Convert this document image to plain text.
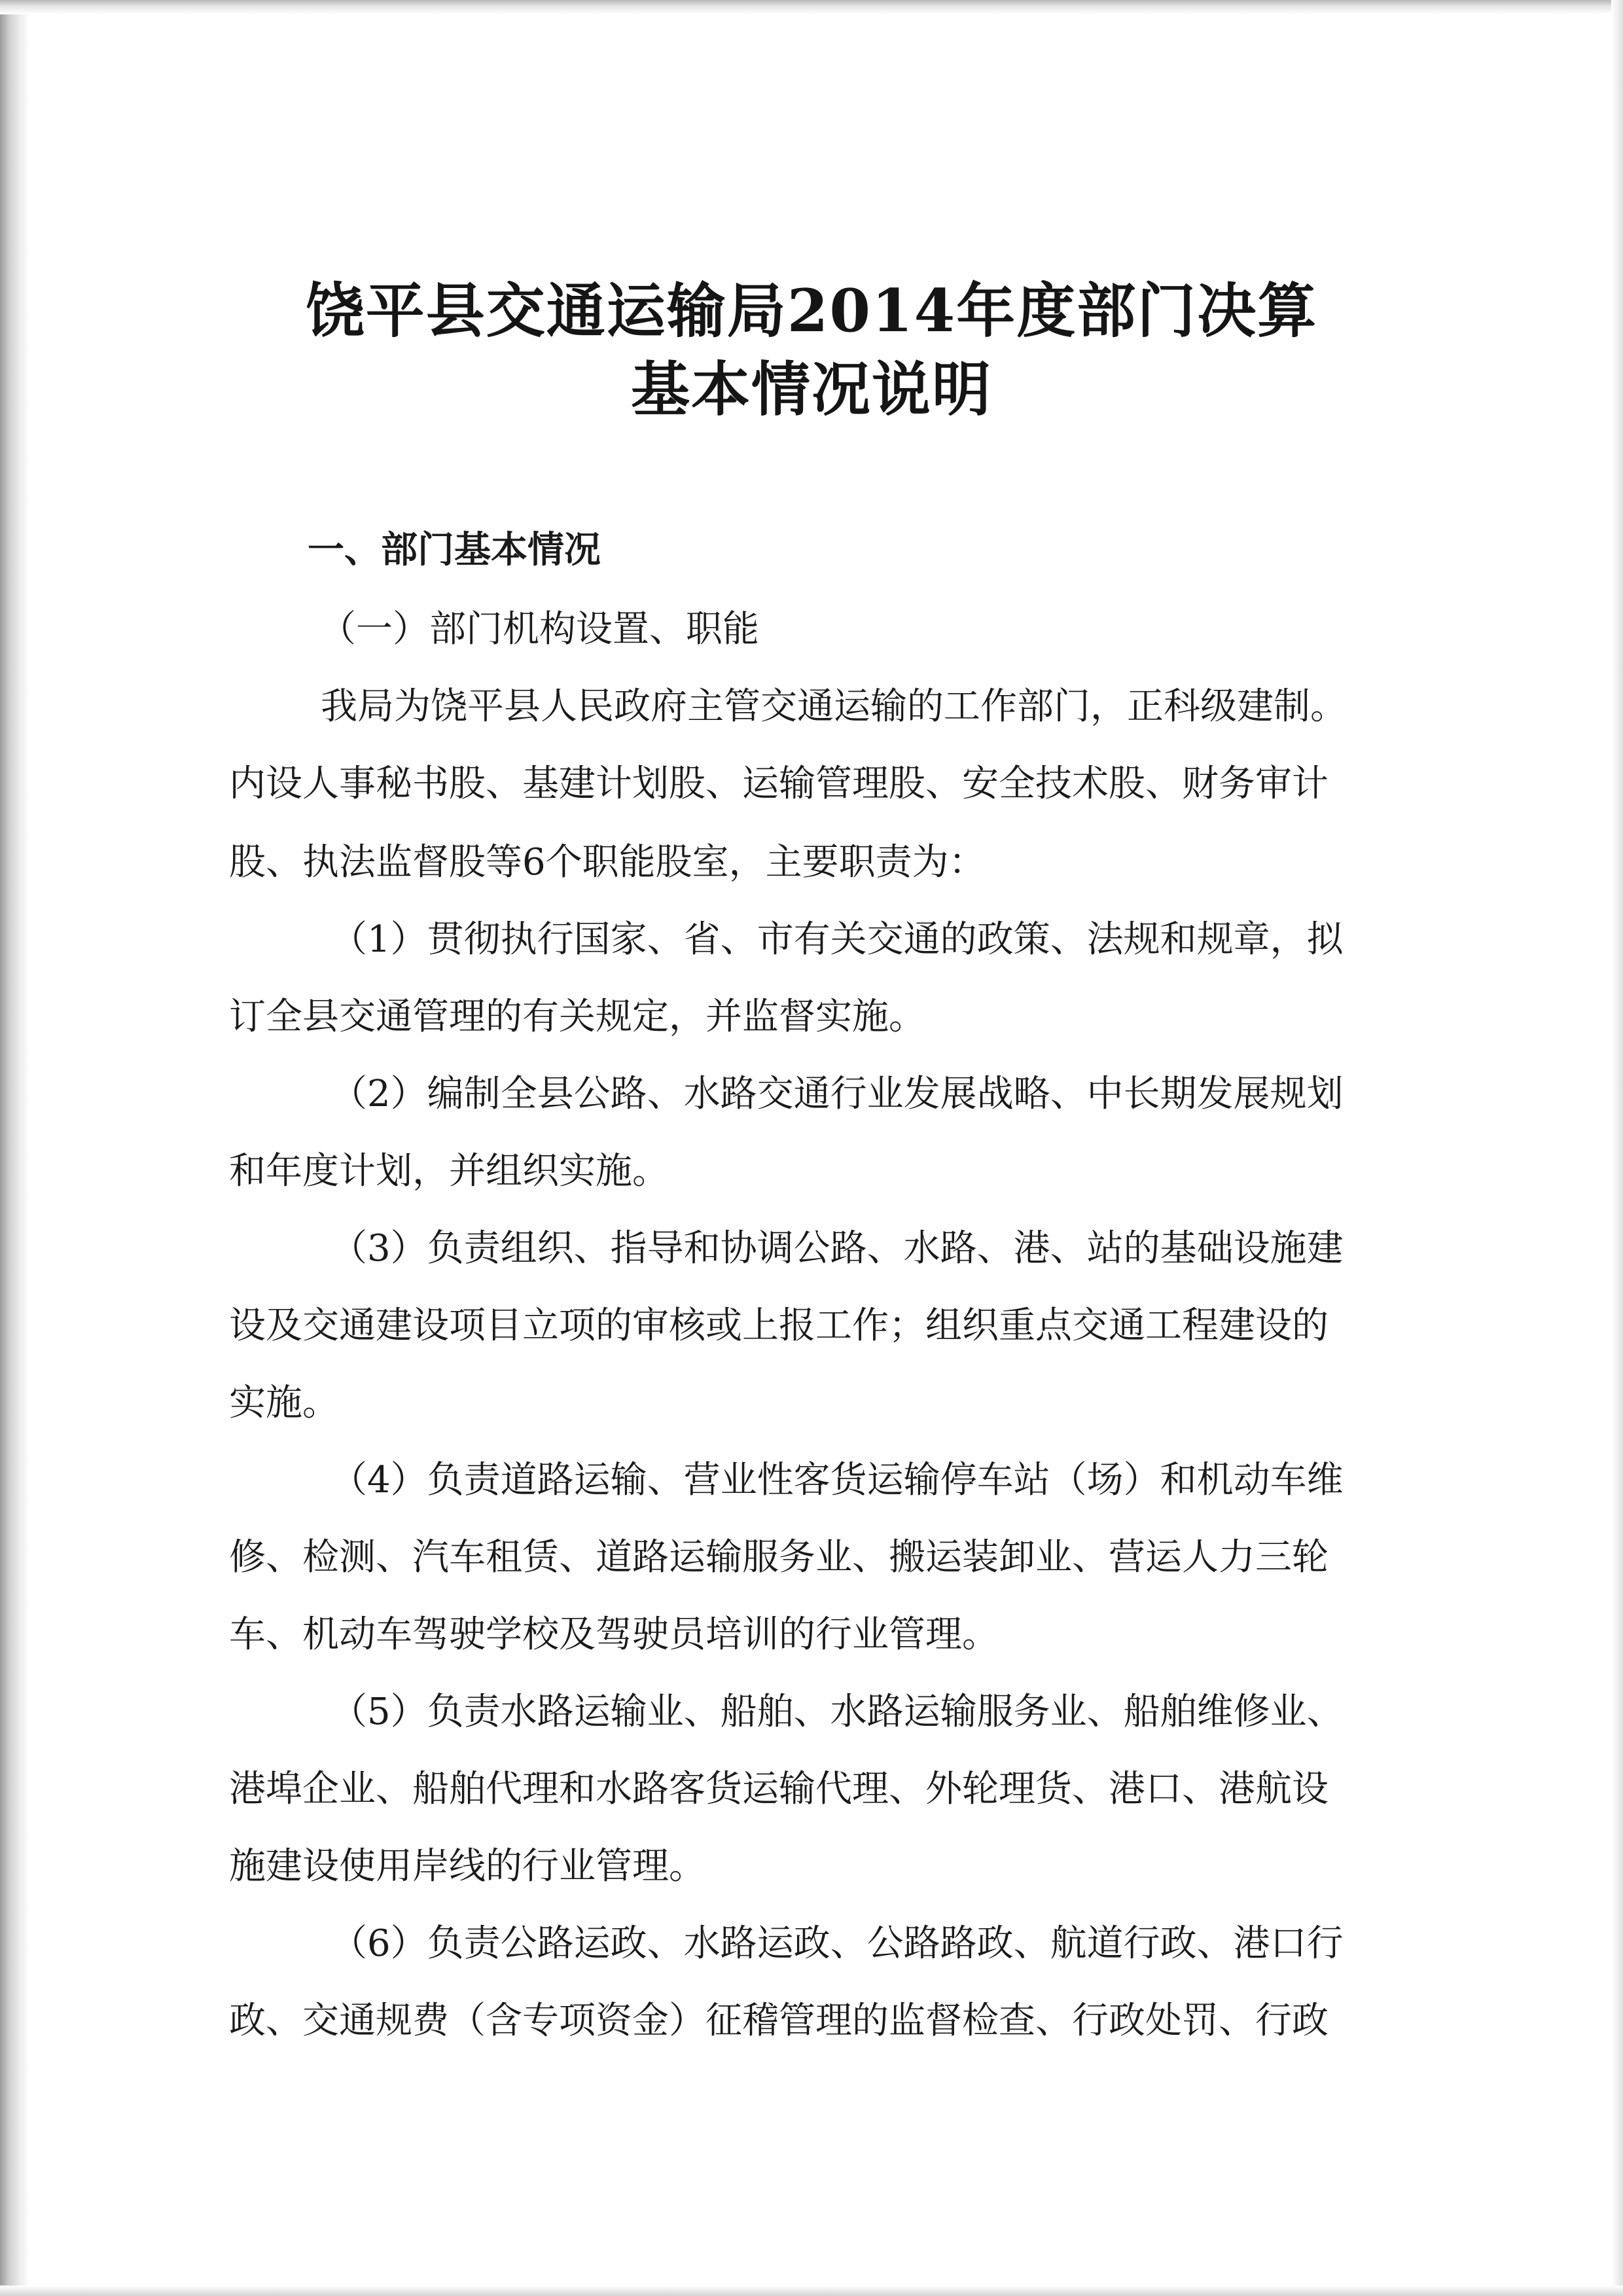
饶平县交通运输局2014年度部门决算
基本情况说明
一、部门基本情况
（一）部门机构设置、职能
我局为饶平县人民政府主管交通运输的工作部门，正科级建制。
内设人事秘书股、基建计划股、运输管理股、安全技术股、财务审计
股、执法监督股等6个职能股室，主要职责为：
（1）贯彻执行国家、省、市有关交通的政策、法规和规章，拟
订全县交通管理的有关规定，并监督实施。
（2）编制全县公路、水路交通行业发展战略、中长期发展规划
和年度计划，并组织实施。
（3）负责组织、指导和协调公路、水路、港、站的基础设施建
设及交通建设项目立项的审核或上报工作；组织重点交通工程建设的
实施。
（4）负责道路运输、营业性客货运输停车站（场）和机动车维
修、检测、汽车租赁、道路运输服务业、搬运装卸业、营运人力三轮
车、机动车驾驶学校及驾驶员培训的行业管理。
（5）负责水路运输业、船舶、水路运输服务业、船舶维修业、
港埠企业、船舶代理和水路客货运输代理、外轮理货、港口、港航设
施建设使用岸线的行业管理。
（6）负责公路运政、水路运政、公路路政、航道行政、港口行
政、交通规费（含专项资金）征稽管理的监督检查、行政处罚、行政
